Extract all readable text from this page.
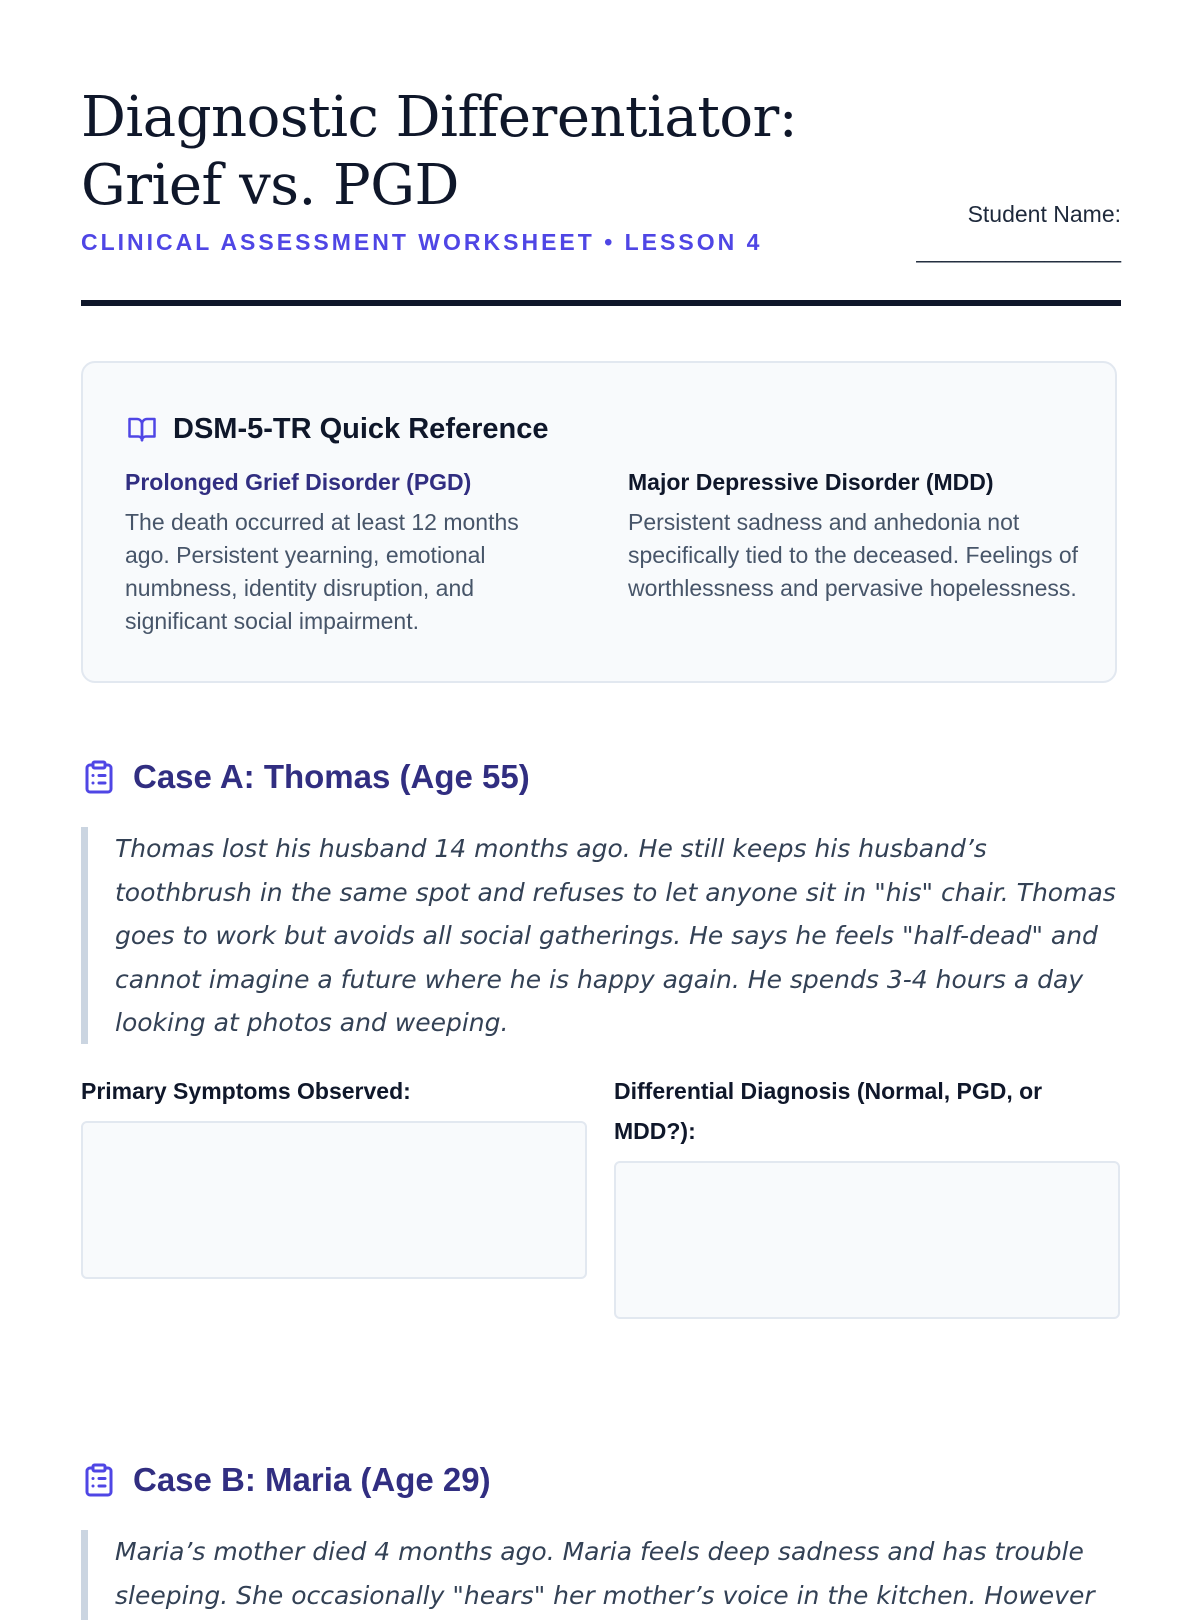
Diagnostic Differentiator:
Grief vs. PGD
CLINICAL ASSESSMENT WORKSHEET • LESSON 4
Student Name:
________________
DSM-5-TR Quick Reference
Prolonged Grief Disorder (PGD)

The death occurred at least 12 months ago. Persistent yearning, emotional numbness, identity disruption, and significant social impairment.

Major Depressive Disorder (MDD)

Persistent sadness and anhedonia not specifically tied to the deceased. Feelings of worthlessness and pervasive hopelessness.

Case A: Thomas (Age 55)
Thomas lost his husband 14 months ago. He still keeps his husband’s toothbrush in the same spot and refuses to let anyone sit in "his" chair. Thomas goes to work but avoids all social gatherings. He says he feels "half-dead" and cannot imagine a future where he is happy again. He spends 3-4 hours a day looking at photos and weeping.
Primary Symptoms Observed:	Differential Diagnosis (Normal, PGD, or MDD?):
Case B: Maria (Age 29)
Maria’s mother died 4 months ago. Maria feels deep sadness and has trouble sleeping. She occasionally "hears" her mother’s voice in the kitchen. However
